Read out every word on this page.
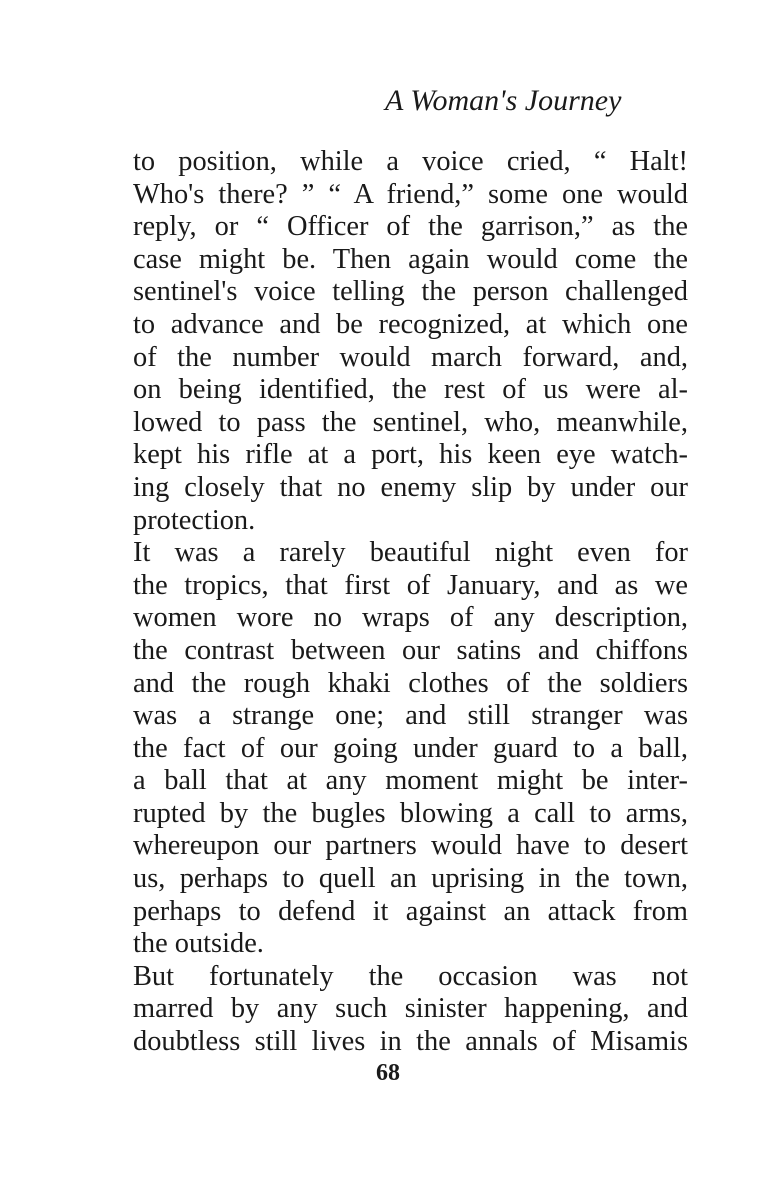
A Woman's Journey
to position, while a voice cried, “ Halt!
Who's there? ” “ A friend,” some one would
reply, or “ Officer of the garrison,” as the
case might be. Then again would come the
sentinel's voice telling the person challenged
to advance and be recognized, at which one
of the number would march forward, and,
on being identified, the rest of us were al-
lowed to pass the sentinel, who, meanwhile,
kept his rifle at a port, his keen eye watch-
ing closely that no enemy slip by under our
protection.
It was a rarely beautiful night even for
the tropics, that first of January, and as we
women wore no wraps of any description,
the contrast between our satins and chiffons
and the rough khaki clothes of the soldiers
was a strange one; and still stranger was
the fact of our going under guard to a ball,
a ball that at any moment might be inter-
rupted by the bugles blowing a call to arms,
whereupon our partners would have to desert
us, perhaps to quell an uprising in the town,
perhaps to defend it against an attack from
the outside.
But fortunately the occasion was not
marred by any such sinister happening, and
doubtless still lives in the annals of Misamis
68
